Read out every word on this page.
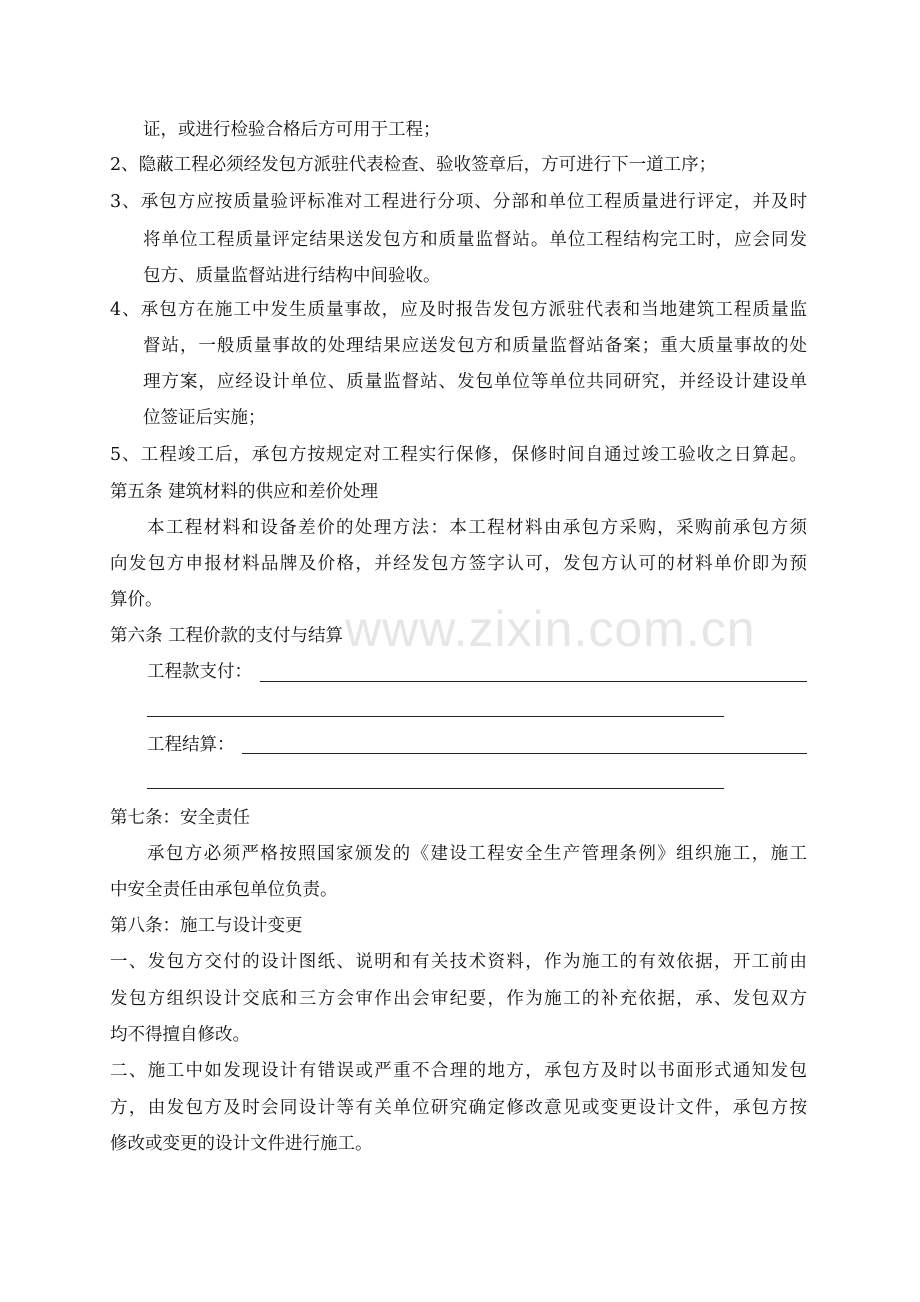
www.zixin.com.cn
证，或进行检验合格后方可用于工程；
2、隐蔽工程必须经发包方派驻代表检查、验收签章后，方可进行下一道工序；
3、承包方应按质量验评标准对工程进行分项、分部和单位工程质量进行评定，并及时
将单位工程质量评定结果送发包方和质量监督站。单位工程结构完工时，应会同发
包方、质量监督站进行结构中间验收。
4、承包方在施工中发生质量事故，应及时报告发包方派驻代表和当地建筑工程质量监
督站，一般质量事故的处理结果应送发包方和质量监督站备案；重大质量事故的处
理方案，应经设计单位、质量监督站、发包单位等单位共同研究，并经设计建设单
位签证后实施；
5、工程竣工后，承包方按规定对工程实行保修，保修时间自通过竣工验收之日算起。
第五条 建筑材料的供应和差价处理
本工程材料和设备差价的处理方法：本工程材料由承包方采购，采购前承包方须
向发包方申报材料品牌及价格，并经发包方签字认可，发包方认可的材料单价即为预
算价。
第六条 工程价款的支付与结算
工程款支付：
工程结算：
第七条：安全责任
承包方必须严格按照国家颁发的《建设工程安全生产管理条例》组织施工，施工
中安全责任由承包单位负责。
第八条：施工与设计变更
一、发包方交付的设计图纸、说明和有关技术资料，作为施工的有效依据，开工前由
发包方组织设计交底和三方会审作出会审纪要，作为施工的补充依据，承、发包双方
均不得擅自修改。
二、施工中如发现设计有错误或严重不合理的地方，承包方及时以书面形式通知发包
方，由发包方及时会同设计等有关单位研究确定修改意见或变更设计文件，承包方按
修改或变更的设计文件进行施工。
